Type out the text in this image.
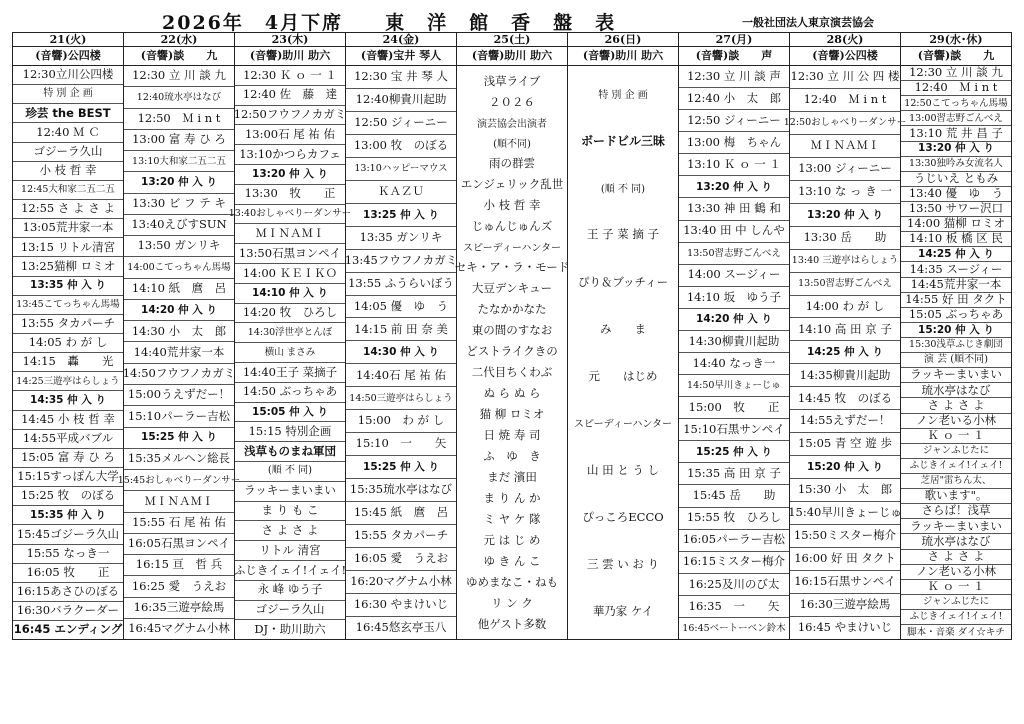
2026年　4月下席　　東　洋　館　香　盤　表	一般社団法人東京演芸協会
21(火)
(音響)公四楼
12:30立川公四楼
特 別 企 画
珍芸 the BEST
12:40 Ｍ Ｃ
ゴジーラ久山
小 枝 哲 幸
12:45大和家二五二五
12:55 さ よ さ よ
13:05荒井家一本
13:15 リトル清宮
13:25猫柳 ロミオ
13:35 仲 入 り
13:45こてっちゃん馬場
13:55 タカパーチ
14:05 わ が し
14:15　轟　　光
14:25三遊亭はらしょう
14:35 仲 入 り
14:45 小 枝 哲 幸
14:55平成バブル
15:05 富 寿 ひ ろ
15:15すっぽん大学
15:25 牧　のぼる
15:35 仲 入 り
15:45ゴジーラ久山
15:55 なっき一
16:05 牧　　正
16:15あさひのぼる
16:30バラクーダー
16:45 エンディング
22(水)
(音響)談　　九
12:30 立 川 談 九
12:40琉水亭はなび
12:50　Ｍ i n t
13:00 富 寿 ひ ろ
13:10大和家二五二五
13:20 仲 入 り
13:30 ビ フ テ キ
13:40えびすSUN
13:50 ガンリキ
14:00こてっちゃん馬場
14:10 紙　麿　呂
14:20 仲 入 り
14:30 小　太　郎
14:40荒井家一本
14:50フウフノカガミ
15:00うえずだー！
15:10パーラー吉松
15:25 仲 入 り
15:35メルヘン総長
15:45おしゃべりーダンサー
ＭＩＮＡＭＩ
15:55 石 尾 祐 佑
16:05石黒ヨンペイ
16:15 亘　哲 兵
16:25 愛　うえお
16:35三遊亭絵馬
16:45マグナム小林
23(木)
(音響)助川 助六
12:30 Ｋ ｏ 一 １
12:40 佐　藤　達
12:50フウフノカガミ
13:00石 尾 祐 佑
13:10かつらカフェ
13:20 仲 入 り
13:30　牧　　正
13:40おしゃべりーダンサー
ＭＩＮＡＭＩ
13:50石黒ヨンペイ
14:00 ＫＥＩＫＯ
14:10 仲 入 り
14:20 牧　ひろし
14:30浮世亭とんぼ
横山 まさみ
14:40王子 菜摘子
14:50 ぶっちゃあ
15:05 仲 入 り
15:15 特別企画
浅草ものまね軍団
(順 不 同)
ラッキーまいまい
ま り も こ
さ よ さ よ
リトル 清宮
ふじきイェイ!イェイ!
永 峰 ゆう子
ゴジーラ久山
DJ・助川助六
24(金)
(音響)宝井 琴人
12:30 宝 井 琴 人
12:40柳貴川起助
12:50 ジィーニー
13:00 牧　のぼる
13:10ハッピーマウス
ＫＡＺＵ
13:25 仲 入 り
13:35 ガンリキ
13:45フウフノカガミ
13:55 ふうらいぼう
14:05 優　ゆ　う
14:15 前 田 奈 美
14:30 仲 入 り
14:40石 尾 祐 佑
14:50三遊亭はらしょう
15:00　わ が し
15:10　一　　矢
15:25 仲 入 り
15:35琉水亭はなび
15:45 紙　麿　呂
15:55 タカパーチ
16:05 愛　うえお
16:20マグナム小林
16:30 やまけいじ
16:45悠玄亭玉八
25(土)
(音響)助川 助六
浅草ライブ
２０２６
演芸協会出演者
(順不同)
雨の群雲
エンジェリック乱世
小 枝 哲 幸
じゅんじゅんズ
スピーディーハンター
セキ・ア・ラ・モード
大豆デンキュー
たなかかなた
東の間のすなお
どストライクきの
二代目ちくわぶ
ぬ ら ぬ ら
猫 柳 ロミオ
日 焼 寿 司
ふ　ゆ　き
まだ 濱田
ま り ん か
ミ ヤ ケ 隊
元 は じ め
ゆ き ん こ
ゆめまなこ・ねも
リ ン ク
他ゲスト多数
26(日)
(音響)助川 助六
特 別 企 画
ボードビル三昧
(順 不 同)
王 子 菜 摘 子
ぴり＆ブッチィー
み　　ま
元　　はじめ
スピーディーハンター
山 田 と う し
ぴっころECCO
三 雲 い お り
華乃家 ケイ
27(月)
(音響)談　　声
12:30 立 川 談 声
12:40 小　太　郎
12:50 ジィーニー
13:00 梅　ちゃん
13:10 Ｋ ｏ 一 １
13:20 仲 入 り
13:30 神 田 鶴 和
13:40 田 中 しんや
13:50習志野ごんべえ
14:00 スージィー
14:10 坂　ゆう子
14:20 仲 入 り
14:30柳貴川起助
14:40 なっき一
14:50早川きょーじゅ
15:00　牧　　正
15:10石黒サンペイ
15:25 仲 入 り
15:35 高 田 京 子
15:45 岳　　助
15:55 牧　ひろし
16:05パーラー吉松
16:15ミスター梅介
16:25及川のび太
16:35　一　　矢
16:45ベートーベン鈴木
28(火)
(音響)公四楼
12:30 立 川 公 四 楼
12:40　Ｍ i n t
12:50おしゃべりーダンサー
ＭＩＮＡＭＩ
13:00 ジィーニー
13:10 な っ き 一
13:20 仲 入 り
13:30 岳　　助
13:40 三遊亭はらしょう
13:50習志野ごんべえ
14:00 わ が し
14:10 高 田 京 子
14:25 仲 入 り
14:35柳貴川起助
14:45 牧　のぼる
14:55えずだー！
15:05 青 空 遊 歩
15:20 仲 入 り
15:30 小　太　郎
15:40早川きょーじゅ
15:50ミスター梅介
16:00 好 田 タクト
16:15石黒サンペイ
16:30三遊亭絵馬
16:45 やまけいじ
29(水･休)
(音響)談　　九
12:30 立 川 談 九
12:40　Ｍ i n t
12:50こてっちゃん馬場
13:00習志野ごんべえ
13:10 荒 井 昌 子
13:20 仲 入 り
13:30独吟み女流名人
うじいえ ともみ
13:40 優　ゆ　う
13:50 サワー沢口
14:00 猫柳 ロミオ
14:10 板 橋 区 民
14:25 仲 入 り
14:35 スージィー
14:45荒井家一本
14:55 好 田 タクト
15:05 ぶっちゃあ
15:20 仲 入 り
15:30浅草ふじき劇団
演 芸 (順不同)
ラッキーまいまい
琉水亭はなび
さ よ さ よ
ノン老いる小林
Ｋ ｏ 一 １
ジャンふじたに
ふじきイェイ!イェイ!
芝居"雷ちん太、
歌います"。
さらば！浅草
ラッキーまいまい
琉水亭はなび
さ よ さ よ
ノン老いる小林
Ｋ ｏ 一 １
ジャンふじたに
ふじきイェイ!イェイ!
脚本・音楽 ダイ☆キチ
